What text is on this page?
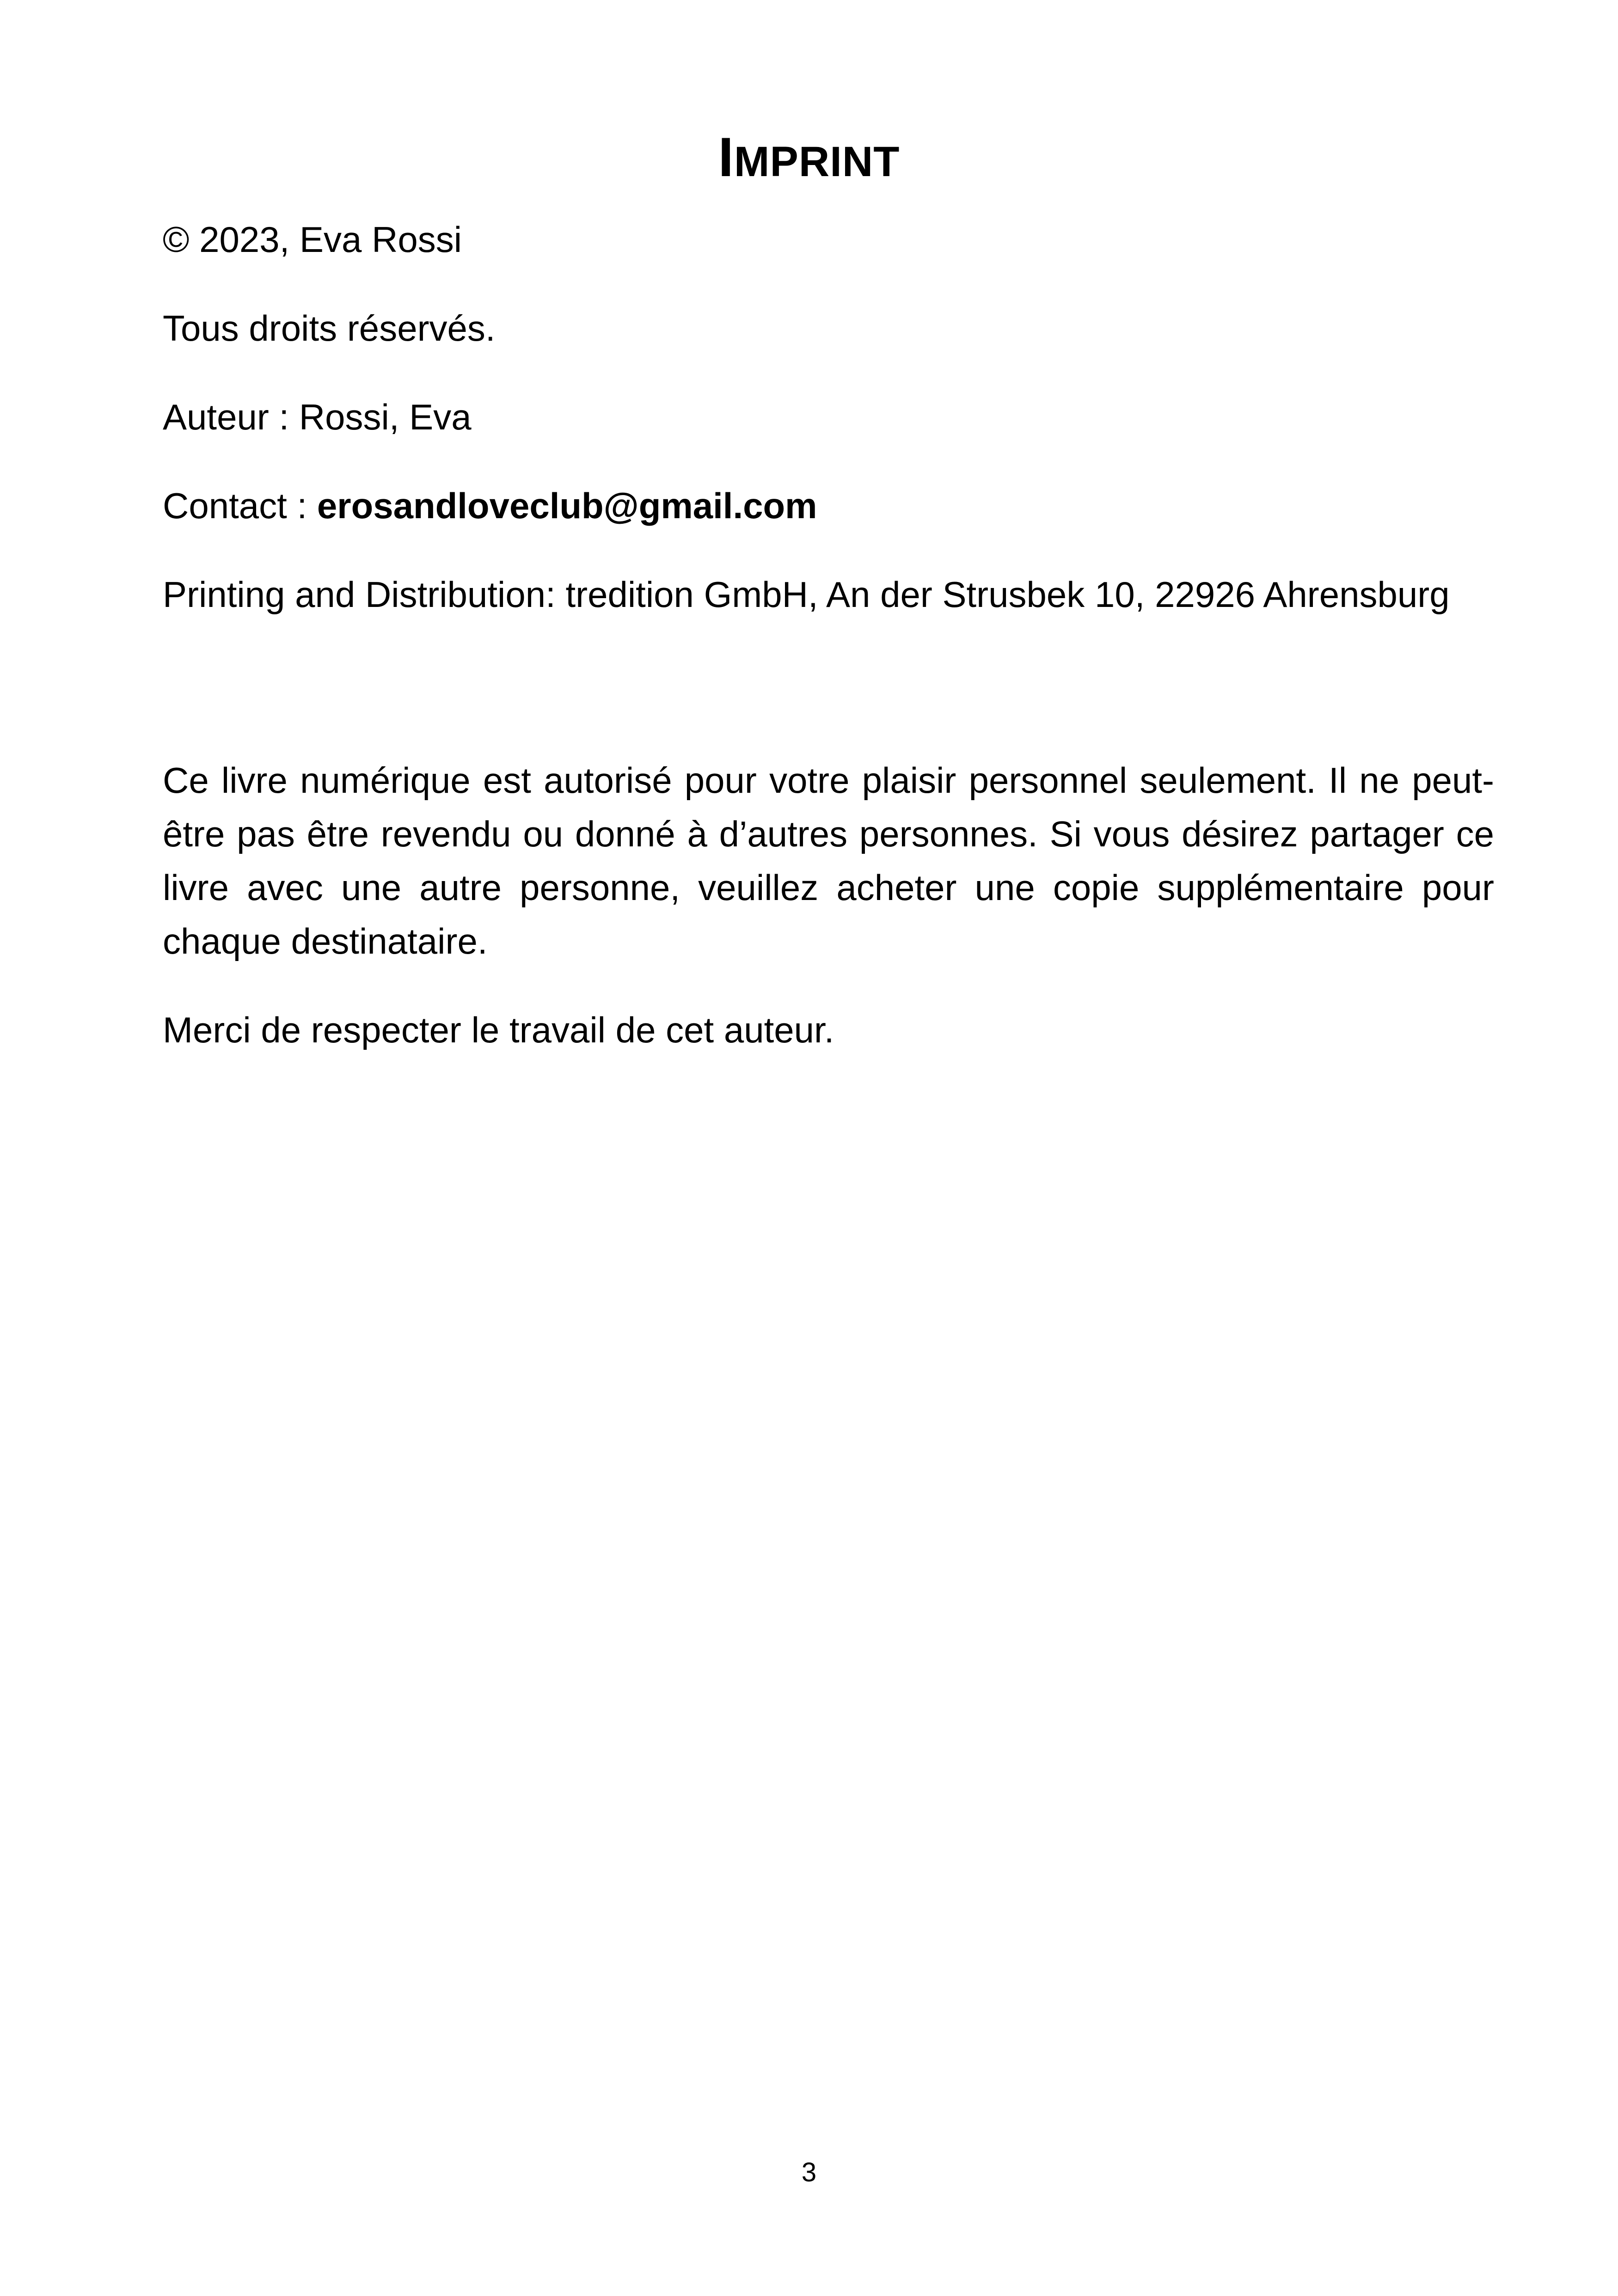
IMPRINT

© 2023, Eva Rossi

Tous droits réservés.

Auteur : Rossi, Eva

Contact : erosandloveclub@gmail.com

Printing and Distribution: tredition GmbH, An der Strusbek 10, 22926 Ahrensburg

Ce livre numérique est autorisé pour votre plaisir personnel seulement. Il ne peut-être pas être revendu ou donné à d’autres personnes. Si vous désirez partager ce livre avec une autre personne, veuillez acheter une copie supplémentaire pour chaque destinataire.

Merci de respecter le travail de cet auteur.

3
